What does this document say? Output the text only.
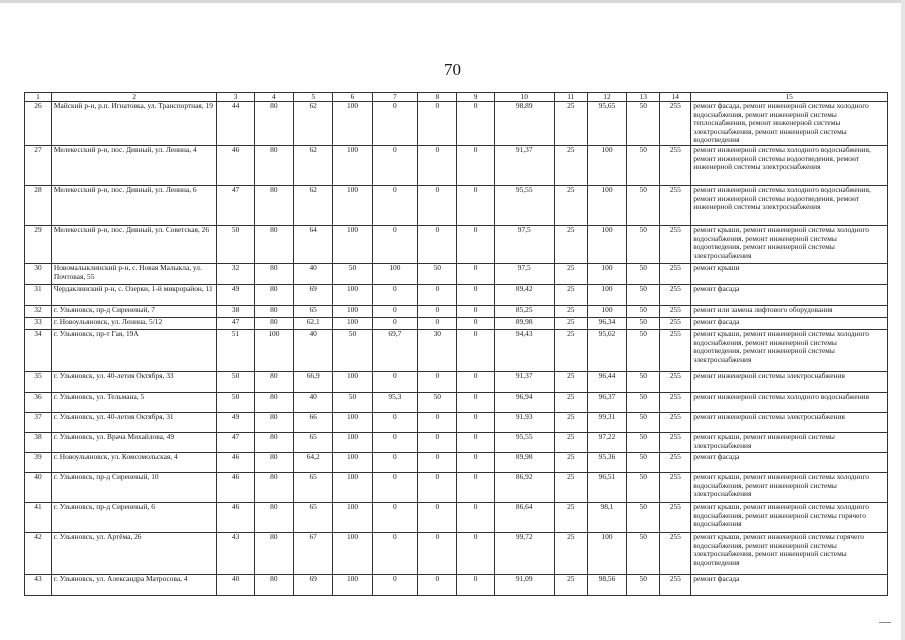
70
1	2	3	4	5	6	7	8	9	10	11	12	13	14	15
26	Майский р-н, р.п. Игнатовка, ул. Транспортная, 19	44	80	62	100	0	0	0	98,89	25	95,65	50	255	ремонт фасада, ремонт инженерной системы холодного водоснабжения, ремонт инженерной системы теплоснабжения, ремонт инженерной системы электроснабжения, ремонт инженерной системы водоотведения
27	Мелекесский р-н, пос. Дивный, ул. Ленина, 4	46	80	62	100	0	0	0	91,37	25	100	50	255	ремонт инженерной системы холодного водоснабжения, ремонт инженерной системы водоотведения, ремонт инженерной системы электроснабжения
28	Мелекесский р-н, пос. Дивный, ул. Ленина, 6	47	80	62	100	0	0	0	95,55	25	100	50	255	ремонт инженерной системы холодного водоснабжения, ремонт инженерной системы водоотведения, ремонт инженерной системы электроснабжения
29	Мелекесский р-н, пос. Дивный, ул. Советская, 26	50	80	64	100	0	0	0	97,5	25	100	50	255	ремонт крыши, ремонт инженерной системы холодного водоснабжения, ремонт инженерной системы водоотведения, ремонт инженерной системы электроснабжения
30	Новомалыклинский р-н, с. Новая Малыкла, ул. Почтовая, 55	32	80	40	50	100	50	0	97,5	25	100	50	255	ремонт крыши
31	Чердаклинский р-н, с. Озерки, 1-й микрорайон, 11	49	80	69	100	0	0	0	89,42	25	100	50	255	ремонт фасада
32	г. Ульяновск, пр-д Сиреневый, 7	38	80	65	100	0	0	0	85,25	25	100	50	255	ремонт или замена лифтового оборудования
33	г. Новоульяновск, ул. Ленина, 5/12	47	80	62,1	100	0	0	0	89,98	25	96,34	50	255	ремонт фасада
34	г. Ульяновск, пр-т Гая, 19А	51	100	40	50	69,7	30	0	94,43	25	95,62	50	255	ремонт крыши, ремонт инженерной системы холодного водоснабжения, ремонт инженерной системы водоотведения, ремонт инженерной системы электроснабжения
35	г. Ульяновск, ул. 40-летия Октября, 33	50	80	66,9	100	0	0	0	91,37	25	96,44	50	255	ремонт инженерной системы электроснабжения
36	г. Ульяновск, ул. Тельмана, 5	50	80	40	50	95,3	50	0	96,94	25	96,37	50	255	ремонт инженерной системы холодного водоснабжения
37	г. Ульяновск, ул. 40-летия Октября, 31	49	80	66	100	0	0	0	91,93	25	99,31	50	255	ремонт инженерной системы электроснабжения
38	г. Ульяновск, ул. Врача Михайлова, 49	47	80	65	100	0	0	0	95,55	25	97,22	50	255	ремонт крыши, ремонт инженерной системы электроснабжения
39	г. Новоульяновск, ул. Комсомольская, 4	46	80	64,2	100	0	0	0	89,98	25	95,36	50	255	ремонт фасада
40	г. Ульяновск, пр-д Сиреневый, 10	46	80	65	100	0	0	0	86,92	25	96,51	50	255	ремонт крыши, ремонт инженерной системы холодного водоснабжения, ремонт инженерной системы электроснабжения
41	г. Ульяновск, пр-д Сиреневый, 6	46	80	65	100	0	0	0	86,64	25	98,1	50	255	ремонт крыши, ремонт инженерной системы холодного водоснабжения, ремонт инженерной системы горячего водоснабжения
42	г. Ульяновск, ул. Артёма, 26	43	80	67	100	0	0	0	99,72	25	100	50	255	ремонт крыши, ремонт инженерной системы горячего водоснабжения, ремонт инженерной системы электроснабжения, ремонт инженерной системы водоотведения
43	г. Ульяновск, ул. Александра Матросова, 4	40	80	69	100	0	0	0	91,09	25	98,56	50	255	ремонт фасада
